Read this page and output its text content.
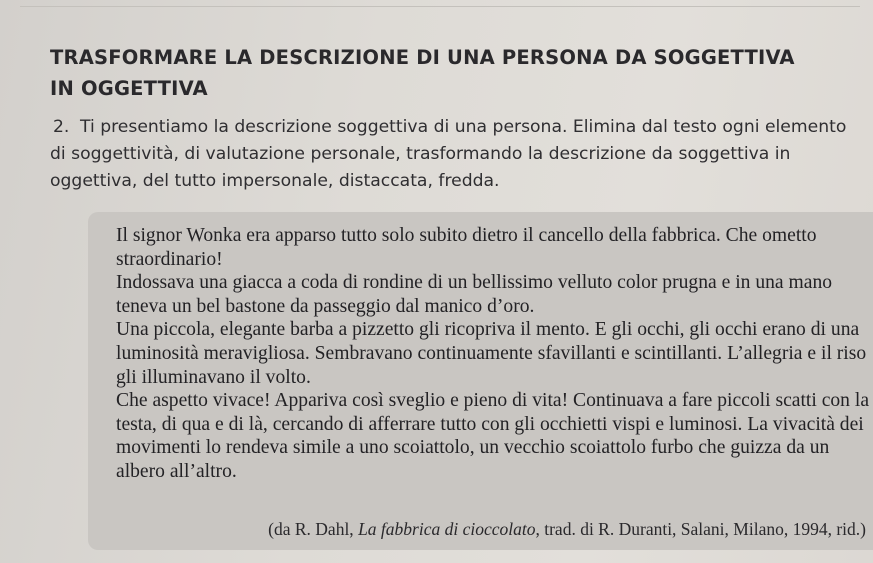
TRASFORMARE LA DESCRIZIONE DI UNA PERSONA DA SOGGETTIVA
IN OGGETTIVA
2. Ti presentiamo la descrizione soggettiva di una persona. Elimina dal testo ogni elemento di soggettività, di valutazione personale, trasformando la descrizione da soggettiva in oggettiva, del tutto impersonale, distaccata, fredda.

Il signor Wonka era apparso tutto solo subito dietro il cancello della fabbrica. Che ometto straordinario!

Indossava una giacca a coda di rondine di un bellissimo velluto color prugna e in una mano teneva un bel bastone da passeggio dal manico d’oro.

Una piccola, elegante barba a pizzetto gli ricopriva il mento. E gli occhi, gli occhi erano di una luminosità meravigliosa. Sembravano continuamente sfavillanti e scintillanti. L’allegria e il riso gli illuminavano il volto.

Che aspetto vivace! Appariva così sveglio e pieno di vita! Continuava a fare piccoli scatti con la testa, di qua e di là, cercando di afferrare tutto con gli occhietti vispi e luminosi. La vivacità dei movimenti lo rendeva simile a uno scoiattolo, un vecchio scoiattolo furbo che guizza da un albero all’altro.

(da R. Dahl, La fabbrica di cioccolato, trad. di R. Duranti, Salani, Milano, 1994, rid.)
